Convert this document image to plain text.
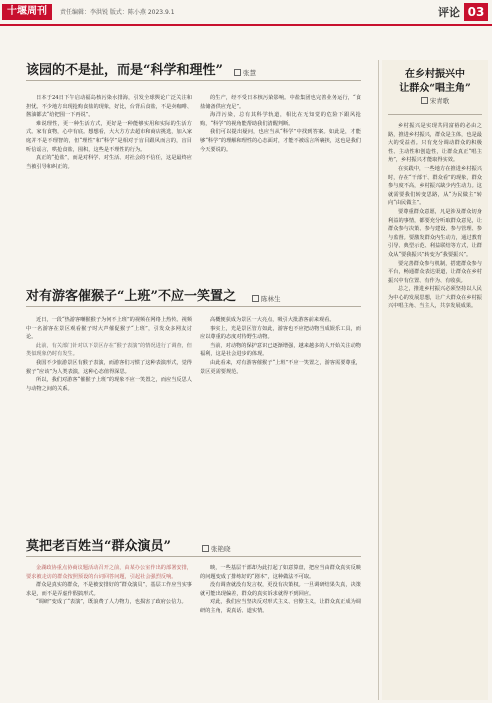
十堰周刊	责任编辑：李洪锐 版式：陈小燕 2023.9.1	评论 03
该园的不是扯，而是“科学和理性”	张慧

日本于24日下午启动福岛核污染水排海，引发全球舆论广泛关注和担忧。不少地方出现抢购食盐的现象，好比，台背后食盐，不是卖咖啡、酱油都去“给把囤一下再说”。

难说理性，更一种生活方式，更好是一种能够实用和实际的生活方式。家有食物，心中有底。想想看，大大方方去超市和商店挑选，加入家庭并不是不理智的，但“理性”和“科学”是相对于盲目跟风而言的，盲目听信谣言，哄抢食盐，囤积，这些是不理性的行为。

真正的“抢盐”，而是对科学、对生活、对社会的不信任，这是最终应当被引导和纠正的。

的生产，经不受日本核污染影响。中盐集团也完善业务运行，“食盐储备供应充足”。

海洋污染，总有其科学轨道，相比在无知觉的危险下跟风抢购，“科学”的视角能帮助我们清醒判断。

我们可以提出疑问，也应当从“科学”中找到答案。如此是，才能够“科学”的理解和理性的心态面对，才能不被谣言所裹挟，这也是我们今天要说的。

对有游客催猴子“上班”不应一笑置之	陈林生

近日，一段“热游客嘲猴猴子为何不上班”的视频在网络上热传。视频中一名游客在景区观看猴子时大声催促猴子“上班”，引发众多网友讨论。

此前，有关部门针对以下景区存在“猴子表演”的情况进行了调查，但类似现象仍时有发生。

我国不少旅游景区有猴子表演，而游客们习惯了这种表演形式，觉得猴子“应该”为人类表演，这种心态值得深思。

所以，我们对游客“催猴子上班”的现象不应一笑置之，而应当反思人与动物之间的关系。

高概便获成为景区一大亮点，吸引大批游客前来观看。

事实上，光是景区管方如此，游客也不应把动物当成娱乐工具，而应以尊重的态度对待野生动物。

当前，对动物的保护意识已逐渐增强，越来越多的人开始关注动物福利，这是社会进步的体现。

由此看来，对有游客催猴子“上班”不应一笑置之，游客需要尊重，景区更需要规范。

莫把老百姓当“群众演员”	张艳晓

金湖政协重点协商议题活动召开之前，由某办公室作出的部署安排，要求被走访的群众按照预设的台词回答问题，引起社会强烈反响。

群众是真实的群众，不是被安排好的“群众演员”，基层工作应当实事求是，而不是弄虚作假搞形式。

“调研”变成了“表演”，既浪费了人力物力，也损害了政府公信力。

映，一些基层干部却为此打起了如意算盘，把应当由群众真实反映的问题变成了排练好的“剧本”，这种做法不可取。

没有调查就没有发言权，更没有决策权。一旦调研结果失真，决策就可能出现偏差，群众的真实诉求就得不到回应。

对此，我们应当坚决反对形式主义、官僚主义，让群众真正成为调研的主角，说真话、道实情。

在乡村振兴中
让群众“唱主角”
宋青歌

乡村振兴是实现共同富裕的必由之路，推进乡村振兴，群众是主体，也是最大的受益者。只有充分调动群众的积极性、主动性和创造性，让群众真正“唱主角”，乡村振兴才能取得实效。

在实践中，一些地方在推进乡村振兴时，存在“干部干、群众看”的现象，群众参与度不高，乡村振兴缺少内生动力。这就需要我们转变思路，从“为民做主”转向“由民做主”。

要尊重群众意愿，凡是涉及群众切身利益的事情，都要充分听取群众意见，让群众参与决策、参与建设、参与管理、参与监督。要激发群众内生动力，通过教育引导、典型示范、利益联结等方式，让群众从“要我振兴”转变为“我要振兴”。

要完善群众参与机制，搭建群众参与平台，畅通群众表达渠道，让群众在乡村振兴中有位置、有作为、有收获。

总之，推进乡村振兴必须坚持以人民为中心的发展思想，让广大群众在乡村振兴中唱主角、当主人，共享发展成果。
